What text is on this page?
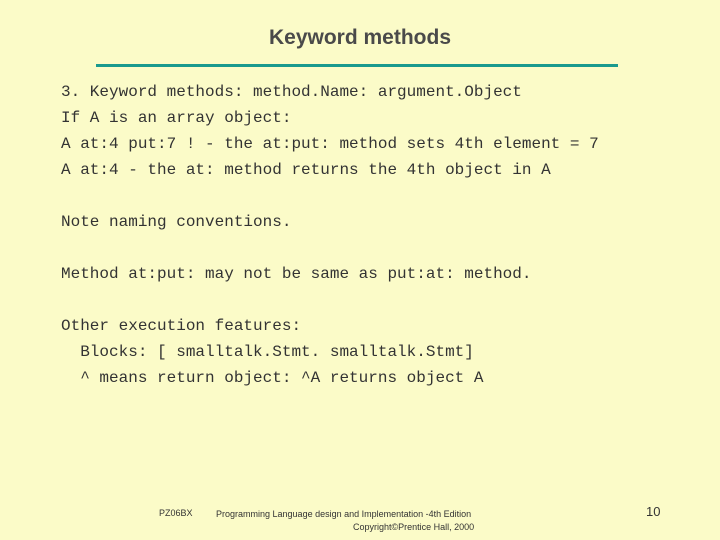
Keyword methods
3. Keyword methods: method.Name: argument.Object
If A is an array object:
A at:4 put:7 ! - the at:put: method sets 4th element = 7
A at:4 - the at: method returns the 4th object in A
Note naming conventions.
Method at:put: may not be same as put:at: method.
Other execution features:
Blocks: [ smalltalk.Stmt. smalltalk.Stmt]
^ means return object: ^A returns object A
PZ06BX	Programming Language design and Implementation -4th Edition
Copyright©Prentice Hall, 2000
10
